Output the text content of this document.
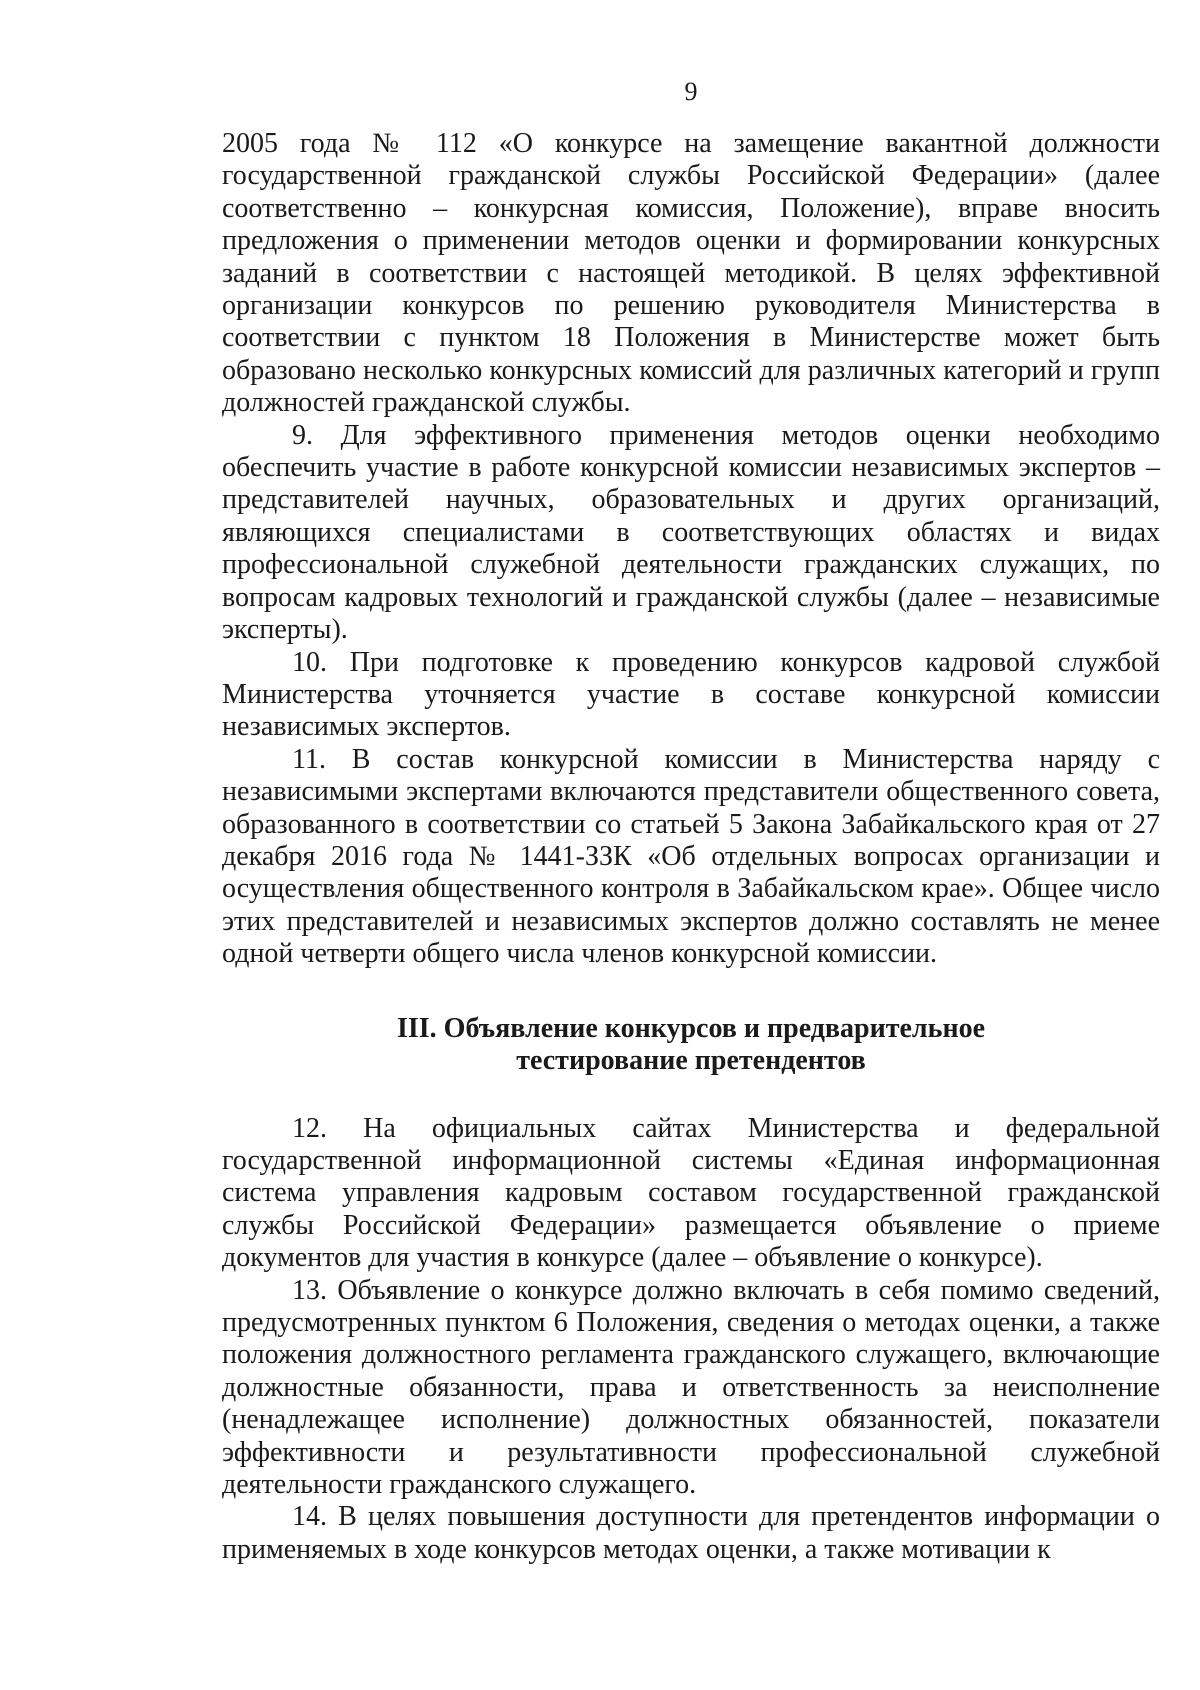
9

2005 года № 112 «О конкурсе на замещение вакантной должности государственной гражданской службы Российской Федерации» (далее соответственно – конкурсная комиссия, Положение), вправе вносить предложения о применении методов оценки и формировании конкурсных заданий в соответствии с настоящей методикой. В целях эффективной организации конкурсов по решению руководителя Министерства в соответствии с пунктом 18 Положения в Министерстве может быть образовано несколько конкурсных комиссий для различных категорий и групп должностей гражданской службы.

9. Для эффективного применения методов оценки необходимо обеспечить участие в работе конкурсной комиссии независимых экспертов – представителей научных, образовательных и других организаций, являющихся специалистами в соответствующих областях и видах профессиональной служебной деятельности гражданских служащих, по вопросам кадровых технологий и гражданской службы (далее – независимые эксперты).

10. При подготовке к проведению конкурсов кадровой службой Министерства уточняется участие в составе конкурсной комиссии независимых экспертов.

11. В состав конкурсной комиссии в Министерства наряду с независимыми экспертами включаются представители общественного совета, образованного в соответствии со статьей 5 Закона Забайкальского края от 27 декабря 2016 года № 1441-ЗЗК «Об отдельных вопросах организации и осуществления общественного контроля в Забайкальском крае». Общее число этих представителей и независимых экспертов должно составлять не менее одной четверти общего числа членов конкурсной комиссии.

III. Объявление конкурсов и предварительное
тестирование претендентов

12. На официальных сайтах Министерства и федеральной государственной информационной системы «Единая информационная система управления кадровым составом государственной гражданской службы Российской Федерации» размещается объявление о приеме документов для участия в конкурсе (далее – объявление о конкурсе).

13. Объявление о конкурсе должно включать в себя помимо сведений, предусмотренных пунктом 6 Положения, сведения о методах оценки, а также положения должностного регламента гражданского служащего, включающие должностные обязанности, права и ответственность за неисполнение (ненадлежащее исполнение) должностных обязанностей, показатели эффективности и результативности профессиональной служебной деятельности гражданского служащего.

14. В целях повышения доступности для претендентов информации о применяемых в ходе конкурсов методах оценки, а также мотивации к
